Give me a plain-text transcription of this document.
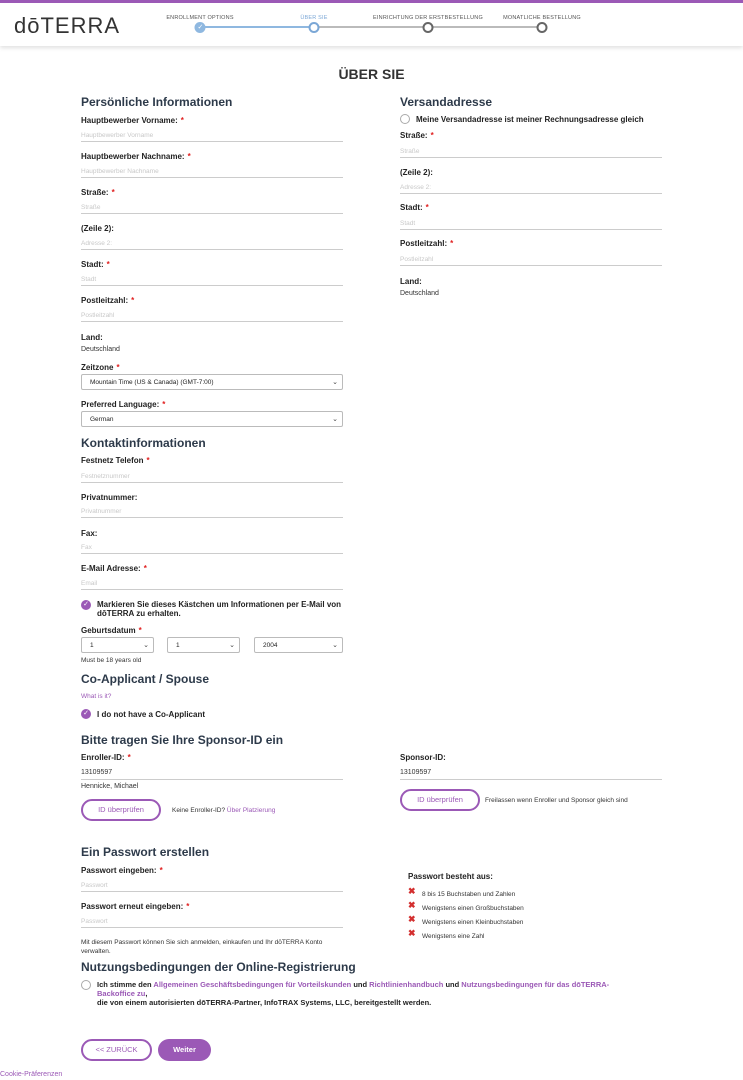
dōTERRA	ENROLLMENT OPTIONS	ÜBER SIE	EINRICHTUNG DER ERSTBESTELLUNG	MONATLICHE BESTELLUNG
✓
ÜBER SIE
Persönliche Informationen
Hauptbewerber Vorname: *
Hauptbewerber Vorname
Hauptbewerber Nachname: *
Hauptbewerber Nachname
Straße: *
Straße
(Zeile 2):
Adresse 2:
Stadt: *
Stadt
Postleitzahl: *
Postleitzahl
Land:
Deutschland
Zeitzone *
Mountain Time (US & Canada) (GMT-7:00)	⌄
Preferred Language: *
German	⌄
Versandadresse
Meine Versandadresse ist meiner Rechnungsadresse gleich
Straße: *
Straße
(Zeile 2):
Adresse 2:
Stadt: *
Stadt
Postleitzahl: *
Postleitzahl
Land:
Deutschland
Kontaktinformationen
Festnetz Telefon *
Festnetznummer
Privatnummer:
Privatnummer
Fax:
Fax
E-Mail Adresse: *
Email
✓ Markieren Sie dieses Kästchen um Informationen per E-Mail von dōTERRA zu erhalten.
Geburtsdatum *
1	⌄	1	⌄	2004	⌄
Must be 18 years old
Co-Applicant / Spouse
What is it?
✓ I do not have a Co-Applicant
Bitte tragen Sie Ihre Sponsor-ID ein
Enroller-ID: *
13109597
Hennicke, Michael
ID überprüfen	Keine Enroller-ID? Über Platzierung
Sponsor-ID:
13109597
ID überprüfen	Freilassen wenn Enroller und Sponsor gleich sind
Ein Passwort erstellen
Passwort eingeben: *
Passwort erneut eingeben: *
Mit diesem Passwort können Sie sich anmelden, einkaufen und Ihr dōTERRA Konto verwalten.
Passwort besteht aus:
✖ 8 bis 15 Buchstaben und Zahlen
✖ Wenigstens einen Großbuchstaben
✖ Wenigstens einen Kleinbuchstaben
✖ Wenigstens eine Zahl
Nutzungsbedingungen der Online-Registrierung
Ich stimme den Allgemeinen Geschäftsbedingungen für Vorteilskunden und Richtlinienhandbuch und Nutzungsbedingungen für das dōTERRA-Backoffice zu,
die von einem autorisierten dōTERRA-Partner, InfoTRAX Systems, LLC, bereitgestellt werden.
<< ZURÜCK	Weiter
Cookie-Präferenzen
